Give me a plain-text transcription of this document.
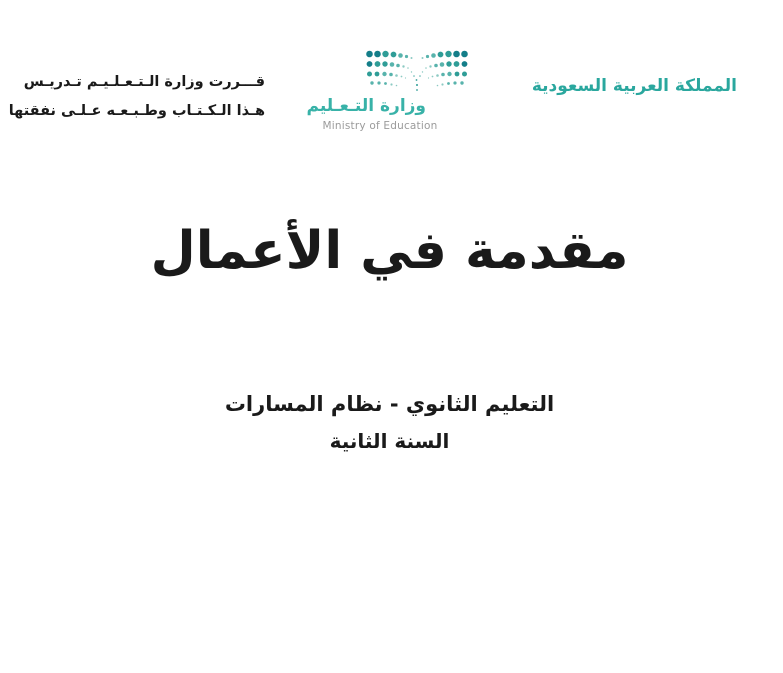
قـــررت وزارة الـتـعـلـيـم تـدريـس
هـذا الـكـتـاب وطـبـعـه عـلـى نفقتها وزارة التـعـليم
Ministry of Education
المملكة العربية السعودية
مقدمة في الأعمال
التعليم الثانوي - نظام المسارات
السنة الثانية
